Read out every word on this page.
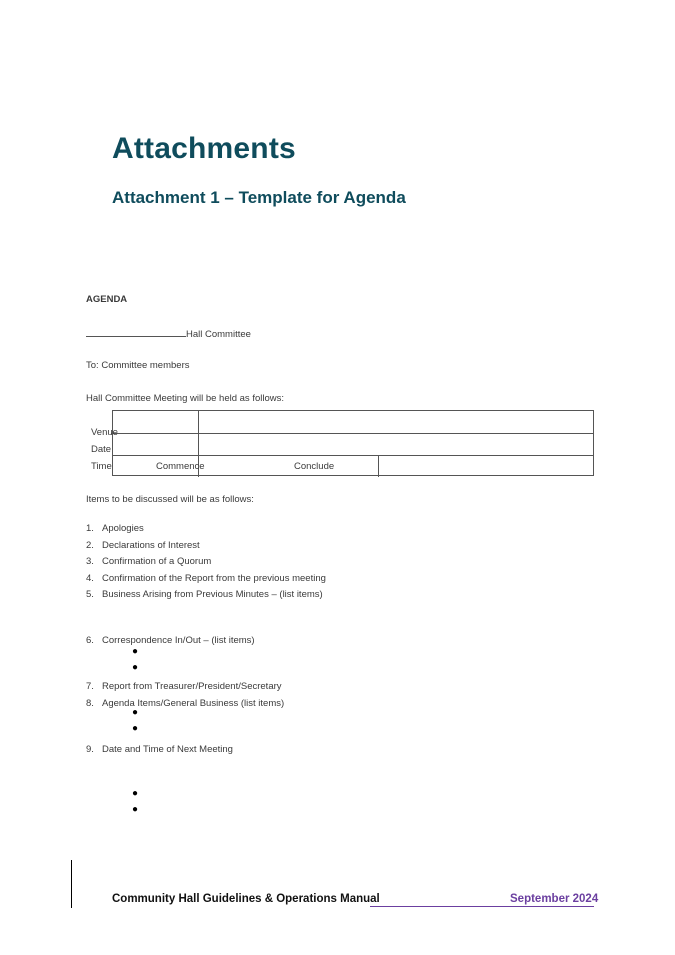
Attachments
Attachment 1 – Template for Agenda
AGENDA
Hall Committee
To: Committee members
Hall Committee Meeting will be held as follows:
Commence	Conclude
Venue
Date
Time
Items to be discussed will be as follows:
1. Apologies
2. Declarations of Interest
3. Confirmation of a Quorum
4. Confirmation of the Report from the previous meeting
5. Business Arising from Previous Minutes – (list items)
6. Correspondence In/Out – (list items)
●
●
7. Report from Treasurer/President/Secretary
8. Agenda Items/General Business (list items)
●
●
9. Date and Time of Next Meeting
●
●
Community Hall Guidelines & Operations Manual	September 2024
